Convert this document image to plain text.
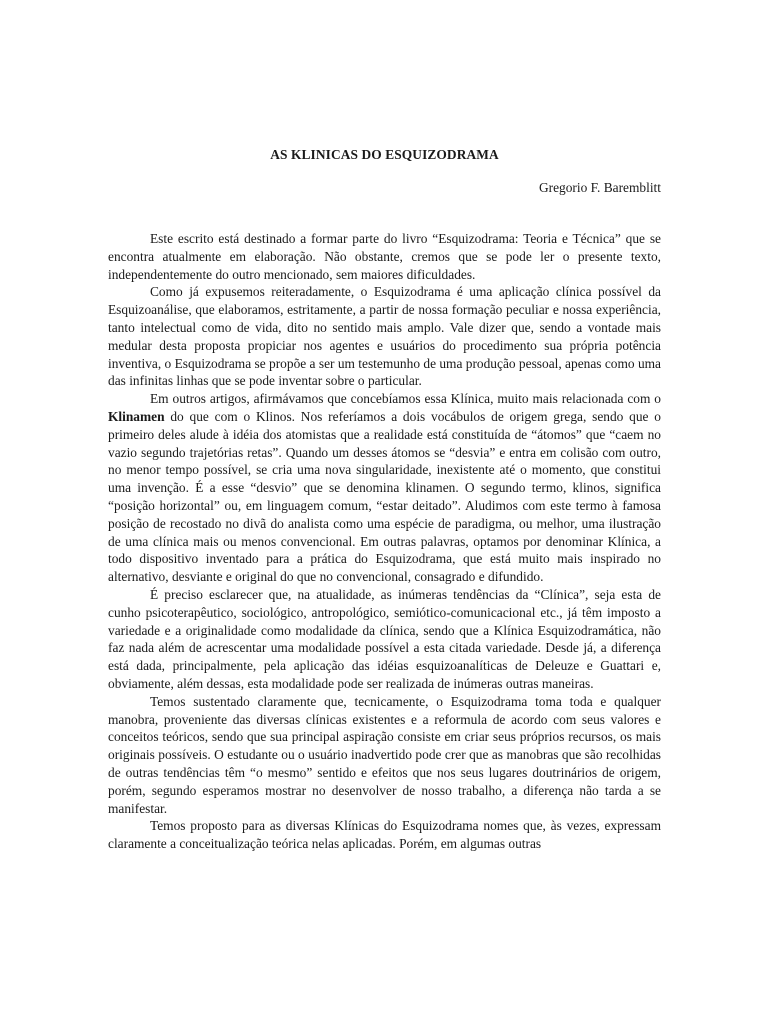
AS KLINICAS DO ESQUIZODRAMA

Gregorio F. Baremblitt

Este escrito está destinado a formar parte do livro “Esquizodrama: Teoria e Técnica” que se encontra atualmente em elaboração. Não obstante, cremos que se pode ler o presente texto, independentemente do outro mencionado, sem maiores dificuldades.

Como já expusemos reiteradamente, o Esquizodrama é uma aplicação clínica possível da Esquizoanálise, que elaboramos, estritamente, a partir de nossa formação peculiar e nossa experiência, tanto intelectual como de vida, dito no sentido mais amplo. Vale dizer que, sendo a vontade mais medular desta proposta propiciar nos agentes e usuários do procedimento sua própria potência inventiva, o Esquizodrama se propõe a ser um testemunho de uma produção pessoal, apenas como uma das infinitas linhas que se pode inventar sobre o particular.

Em outros artigos, afirmávamos que concebíamos essa Klínica, muito mais relacionada com o Klinamen do que com o Klinos. Nos referíamos a dois vocábulos de origem grega, sendo que o primeiro deles alude à idéia dos atomistas que a realidade está constituída de “átomos” que “caem no vazio segundo trajetórias retas”. Quando um desses átomos se “desvia” e entra em colisão com outro, no menor tempo possível, se cria uma nova singularidade, inexistente até o momento, que constitui uma invenção. É a esse “desvio” que se denomina klinamen. O segundo termo, klinos, significa “posição horizontal” ou, em linguagem comum, “estar deitado”. Aludimos com este termo à famosa posição de recostado no divã do analista como uma espécie de paradigma, ou melhor, uma ilustração de uma clínica mais ou menos convencional. Em outras palavras, optamos por denominar Klínica, a todo dispositivo inventado para a prática do Esquizodrama, que está muito mais inspirado no alternativo, desviante e original do que no convencional, consagrado e difundido.

É preciso esclarecer que, na atualidade, as inúmeras tendências da “Clínica”, seja esta de cunho psicoterapêutico, sociológico, antropológico, semiótico-comunicacional etc., já têm imposto a variedade e a originalidade como modalidade da clínica, sendo que a Klínica Esquizodramática, não faz nada além de acrescentar uma modalidade possível a esta citada variedade. Desde já, a diferença está dada, principalmente, pela aplicação das idéias esquizoanalíticas de Deleuze e Guattari e, obviamente, além dessas, esta modalidade pode ser realizada de inúmeras outras maneiras.

Temos sustentado claramente que, tecnicamente, o Esquizodrama toma toda e qualquer manobra, proveniente das diversas clínicas existentes e a reformula de acordo com seus valores e conceitos teóricos, sendo que sua principal aspiração consiste em criar seus próprios recursos, os mais originais possíveis. O estudante ou o usuário inadvertido pode crer que as manobras que são recolhidas de outras tendências têm “o mesmo” sentido e efeitos que nos seus lugares doutrinários de origem, porém, segundo esperamos mostrar no desenvolver de nosso trabalho, a diferença não tarda a se manifestar.

Temos proposto para as diversas Klínicas do Esquizodrama nomes que, às vezes, expressam claramente a conceitualização teórica nelas aplicadas. Porém, em algumas outras
